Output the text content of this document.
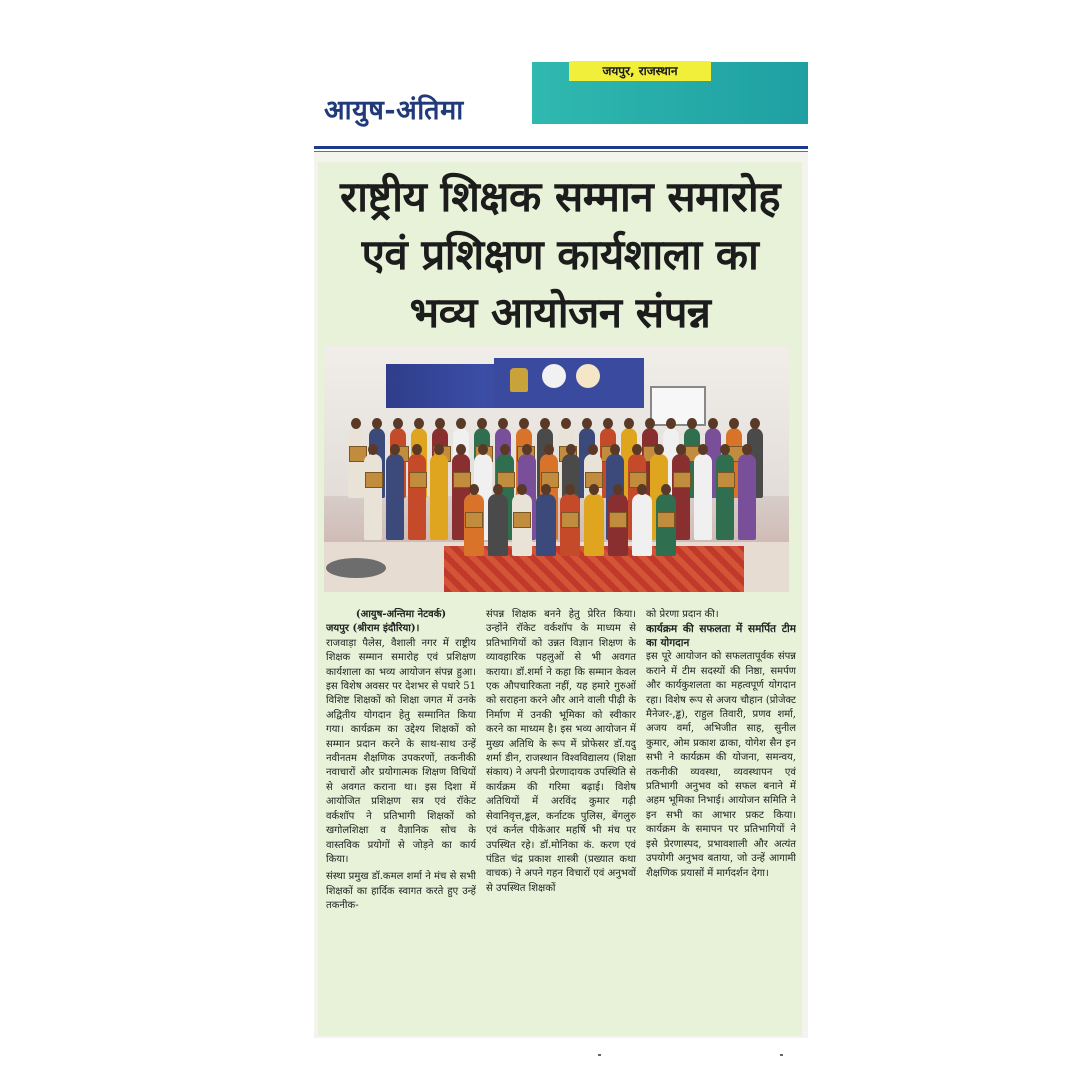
जयपुर, राजस्थान
आयुष-अंतिमा
राष्ट्रीय शिक्षक सम्मान समारोह
एवं प्रशिक्षण कार्यशाला का
भव्य आयोजन संपन्न

(आयुष-अन्तिमा नेटवर्क)

जयपुर (श्रीराम इंदौरिया)।

राजवाड़ा पैलेस, वैशाली नगर में राष्ट्रीय शिक्षक सम्मान समारोह एवं प्रशिक्षण कार्यशाला का भव्य आयोजन संपन्न हुआ। इस विशेष अवसर पर देशभर से पधारे 51 विशिष्ट शिक्षकों को शिक्षा जगत में उनके अद्वितीय योगदान हेतु सम्मानित किया गया। कार्यक्रम का उद्देश्य शिक्षकों को सम्मान प्रदान करने के साथ-साथ उन्हें नवीनतम शैक्षणिक उपकरणों, तकनीकी नवाचारों और प्रयोगात्मक शिक्षण विधियों से अवगत कराना था। इस दिशा में आयोजित प्रशिक्षण सत्र एवं रॉकेट वर्कशॉप ने प्रतिभागी शिक्षकों को खगोलशिक्षा व वैज्ञानिक सोच के वास्तविक प्रयोगों से जोड़ने का कार्य किया।

संस्था प्रमुख डॉ.कमल शर्मा ने मंच से सभी शिक्षकों का हार्दिक स्वागत करते हुए उन्हें तकनीक-

संपन्न शिक्षक बनने हेतु प्रेरित किया। उन्होंने रॉकेट वर्कशॉप के माध्यम से प्रतिभागियों को उन्नत विज्ञान शिक्षण के व्यावहारिक पहलुओं से भी अवगत कराया। डॉ.शर्मा ने कहा कि सम्मान केवल एक औपचारिकता नहीं, यह हमारे गुरुओं को सराहना करने और आने वाली पीढ़ी के निर्माण में उनकी भूमिका को स्वीकार करने का माध्यम है। इस भव्य आयोजन में मुख्य अतिथि के रूप में प्रोफेसर डॉ.यदु शर्मा डीन, राजस्थान विश्वविद्यालय (शिक्षा संकाय) ने अपनी प्रेरणादायक उपस्थिति से कार्यक्रम की गरिमा बढ़ाई। विशेष अतिथियों में अरविंद कुमार गढ़ी सेवानिवृत्त,ड्ढल, कर्नाटक पुलिस, बेंगलुरु एवं कर्नल पीकेआर महर्षि भी मंच पर उपस्थित रहे। डॉ.मोनिका कं. करण एवं पंडित चंद्र प्रकाश शास्त्री (प्रख्यात कथा वाचक) ने अपने गहन विचारों एवं अनुभवों से उपस्थित शिक्षकों

को प्रेरणा प्रदान की।

कार्यक्रम की सफलता में समर्पित टीम का योगदान

इस पूरे आयोजन को सफलतापूर्वक संपन्न कराने में टीम सदस्यों की निष्ठा, समर्पण और कार्यकुशलता का महत्वपूर्ण योगदान रहा। विशेष रूप से अजय चौहान (प्रोजेक्ट मैनेजर-,ड्ढ), राहुल तिवारी, प्रणव शर्मा, अजय वर्मा, अभिजीत साह, सुनील कुमार, ओम प्रकाश ढाका, योगेश सैन इन सभी ने कार्यक्रम की योजना, समन्वय, तकनीकी व्यवस्था, व्यवस्थापन एवं प्रतिभागी अनुभव को सफल बनाने में अहम भूमिका निभाई। आयोजन समिति ने इन सभी का आभार प्रकट किया। कार्यक्रम के समापन पर प्रतिभागियों ने इसे प्रेरणास्पद, प्रभावशाली और अत्यंत उपयोगी अनुभव बताया, जो उन्हें आगामी शैक्षणिक प्रयासों में मार्गदर्शन देगा।
